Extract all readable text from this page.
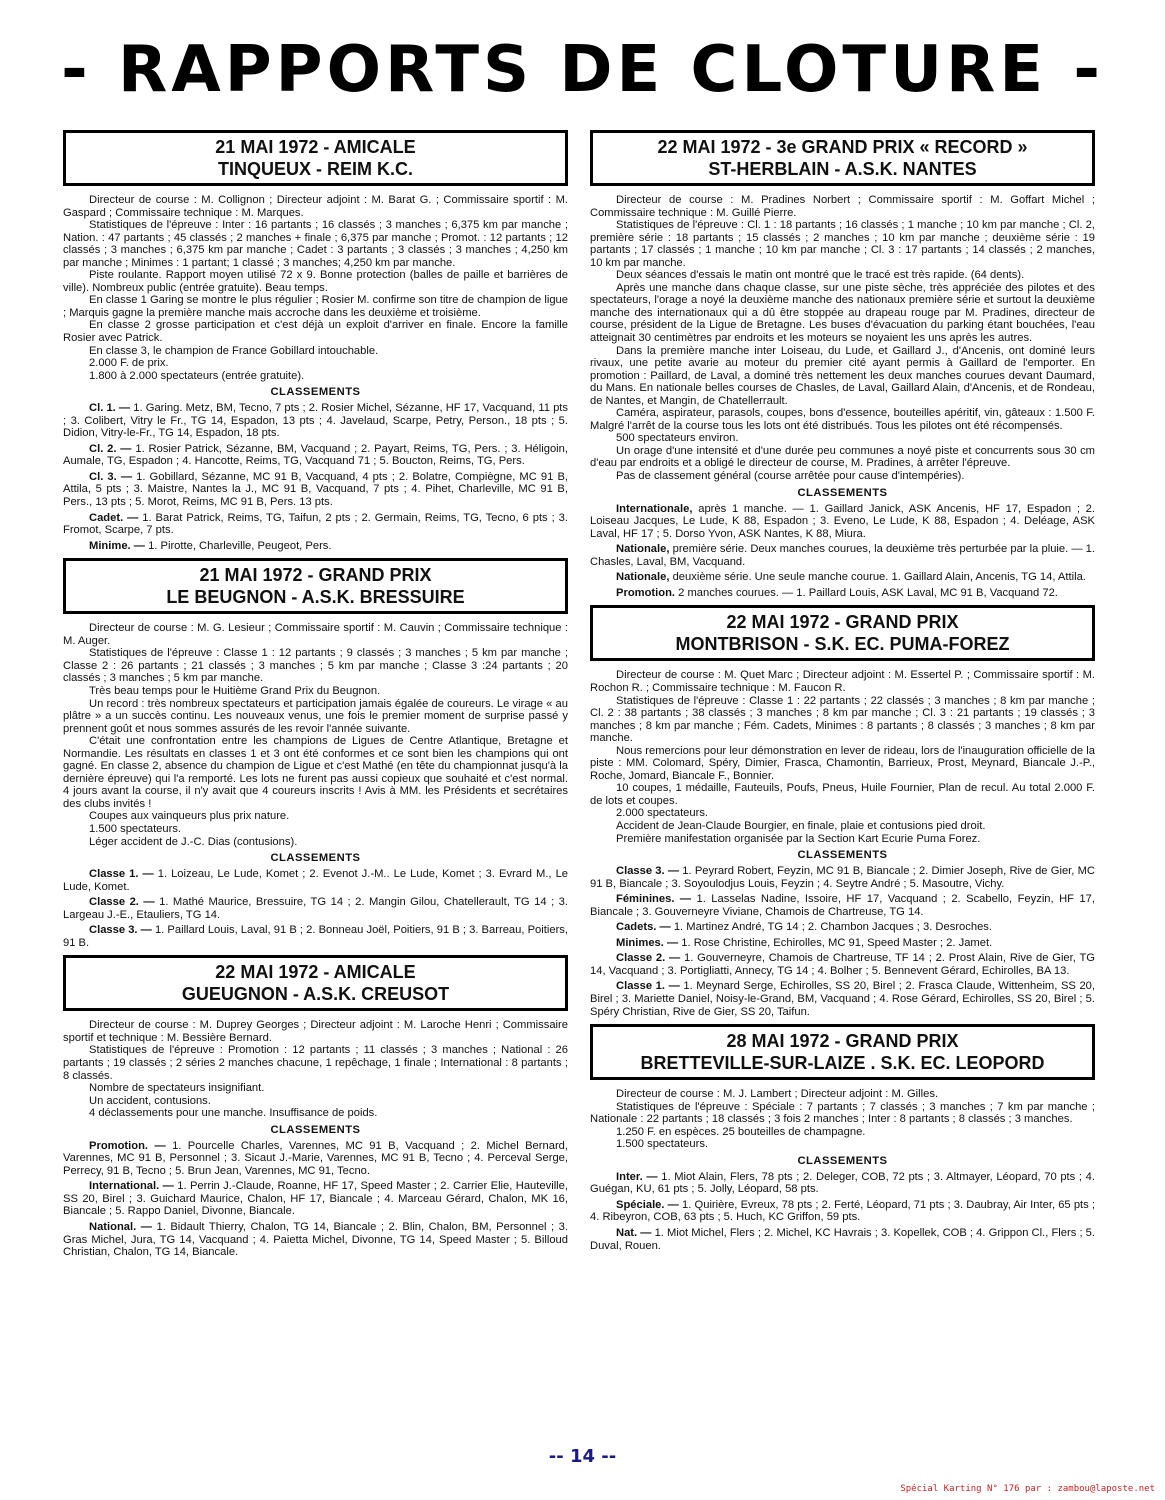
- RAPPORTS DE CLOTURE -
21 MAI 1972 - AMICALE
TINQUEUX - REIM K.C.

Directeur de course : M. Collignon ; Directeur adjoint : M. Barat G. ; Commissaire sportif : M. Gaspard ; Commissaire technique : M. Marques.

Statistiques de l'épreuve : Inter : 16 partants ; 16 classés ; 3 manches ; 6,375 km par manche ; Nation. : 47 partants ; 45 classés ; 2 manches + finale ; 6,375 par manche ; Promot. : 12 partants ; 12 classés ; 3 manches ; 6,375 km par manche ; Cadet : 3 partants ; 3 classés ; 3 manches ; 4,250 km par manche ; Minimes : 1 partant; 1 classé ; 3 manches; 4,250 km par manche.

Piste roulante. Rapport moyen utilisé 72 x 9. Bonne protection (balles de paille et barrières de ville). Nombreux public (entrée gratuite). Beau temps.

En classe 1 Garing se montre le plus régulier ; Rosier M. confirme son titre de champion de ligue ; Marquis gagne la première manche mais accroche dans les deuxième et troisième.

En classe 2 grosse participation et c'est déjà un exploit d'arriver en finale. Encore la famille Rosier avec Patrick.

En classe 3, le champion de France Gobillard intouchable.

2.000 F. de prix.

1.800 à 2.000 spectateurs (entrée gratuite).

CLASSEMENTS

Cl. 1. — 1. Garing. Metz, BM, Tecno, 7 pts ; 2. Rosier Michel, Sézanne, HF 17, Vacquand, 11 pts ; 3. Colibert, Vitry le Fr., TG 14, Espadon, 13 pts ; 4. Javelaud, Scarpe, Petry, Person., 18 pts ; 5. Didion, Vitry-le-Fr., TG 14, Espadon, 18 pts.

Cl. 2. — 1. Rosier Patrick, Sézanne, BM, Vacquand ; 2. Payart, Reims, TG, Pers. ; 3. Héligoin, Aumale, TG, Espadon ; 4. Hancotte, Reims, TG, Vacquand 71 ; 5. Boucton, Reims, TG, Pers.

Cl. 3. — 1. Gobillard, Sézanne, MC 91 B, Vacquand, 4 pts ; 2. Bolatre, Compiègne, MC 91 B, Attila, 5 pts ; 3. Maistre, Nantes la J., MC 91 B, Vacquand, 7 pts ; 4. Pihet, Charleville, MC 91 B, Pers., 13 pts ; 5. Morot, Reims, MC 91 B, Pers. 13 pts.

Cadet. — 1. Barat Patrick, Reims, TG, Taifun, 2 pts ; 2. Germain, Reims, TG, Tecno, 6 pts ; 3. Fromot, Scarpe, 7 pts.

Minime. — 1. Pirotte, Charleville, Peugeot, Pers.

21 MAI 1972 - GRAND PRIX
LE BEUGNON - A.S.K. BRESSUIRE

Directeur de course : M. G. Lesieur ; Commissaire sportif : M. Cauvin ; Commissaire technique : M. Auger.

Statistiques de l'épreuve : Classe 1 : 12 partants ; 9 classés ; 3 manches ; 5 km par manche ; Classe 2 : 26 partants ; 21 classés ; 3 manches ; 5 km par manche ; Classe 3 :24 partants ; 20 classés ; 3 manches ; 5 km par manche.

Très beau temps pour le Huitième Grand Prix du Beugnon.

Un record : très nombreux spectateurs et participation jamais égalée de coureurs. Le virage « au plâtre » a un succès continu. Les nouveaux venus, une fois le premier moment de surprise passé y prennent goût et nous sommes assurés de les revoir l'année suivante.

C'était une confrontation entre les champions de Ligues de Centre Atlantique, Bretagne et Normandie. Les résultats en classes 1 et 3 ont été conformes et ce sont bien les champions qui ont gagné. En classe 2, absence du champion de Ligue et c'est Mathé (en tête du championnat jusqu'à la dernière épreuve) qui l'a remporté. Les lots ne furent pas aussi copieux que souhaité et c'est normal. 4 jours avant la course, il n'y avait que 4 coureurs inscrits ! Avis à MM. les Présidents et secrétaires des clubs invités !

Coupes aux vainqueurs plus prix nature.

1.500 spectateurs.

Léger accident de J.-C. Dias (contusions).

CLASSEMENTS

Classe 1. — 1. Loizeau, Le Lude, Komet ; 2. Evenot J.-M.. Le Lude, Komet ; 3. Evrard M., Le Lude, Komet.

Classe 2. — 1. Mathé Maurice, Bressuire, TG 14 ; 2. Mangin Gilou, Chatellerault, TG 14 ; 3. Largeau J.-E., Etauliers, TG 14.

Classe 3. — 1. Paillard Louis, Laval, 91 B ; 2. Bonneau Joël, Poitiers, 91 B ; 3. Barreau, Poitiers, 91 B.

22 MAI 1972 - AMICALE
GUEUGNON - A.S.K. CREUSOT

Directeur de course : M. Duprey Georges ; Directeur adjoint : M. Laroche Henri ; Commissaire sportif et technique : M. Bessière Bernard.

Statistiques de l'épreuve : Promotion : 12 partants ; 11 classés ; 3 manches ; National : 26 partants ; 19 classés ; 2 séries 2 manches chacune, 1 repêchage, 1 finale ; International : 8 partants ; 8 classés.

Nombre de spectateurs insignifiant.

Un accident, contusions.

4 déclassements pour une manche. Insuffisance de poids.

CLASSEMENTS

Promotion. — 1. Pourcelle Charles, Varennes, MC 91 B, Vacquand ; 2. Michel Bernard, Varennes, MC 91 B, Personnel ; 3. Sicaut J.-Marie, Varennes, MC 91 B, Tecno ; 4. Perceval Serge, Perrecy, 91 B, Tecno ; 5. Brun Jean, Varennes, MC 91, Tecno.

International. — 1. Perrin J.-Claude, Roanne, HF 17, Speed Master ; 2. Carrier Elie, Hauteville, SS 20, Birel ; 3. Guichard Maurice, Chalon, HF 17, Biancale ; 4. Marceau Gérard, Chalon, MK 16, Biancale ; 5. Rappo Daniel, Divonne, Biancale.

National. — 1. Bidault Thierry, Chalon, TG 14, Biancale ; 2. Blin, Chalon, BM, Personnel ; 3. Gras Michel, Jura, TG 14, Vacquand ; 4. Paietta Michel, Divonne, TG 14, Speed Master ; 5. Billoud Christian, Chalon, TG 14, Biancale.

22 MAI 1972 - 3e GRAND PRIX « RECORD »
ST-HERBLAIN - A.S.K. NANTES

Directeur de course : M. Pradines Norbert ; Commissaire sportif : M. Goffart Michel ; Commissaire technique : M. Guillé Pierre.

Statistiques de l'épreuve : Cl. 1 : 18 partants ; 16 classés ; 1 manche ; 10 km par manche ; Cl. 2, première série : 18 partants ; 15 classés ; 2 manches ; 10 km par manche ; deuxième série : 19 partants ; 17 classés ; 1 manche ; 10 km par manche ; Cl. 3 : 17 partants ; 14 classés ; 2 manches, 10 km par manche.

Deux séances d'essais le matin ont montré que le tracé est très rapide. (64 dents).

Après une manche dans chaque classe, sur une piste sèche, très appréciée des pilotes et des spectateurs, l'orage a noyé la deuxième manche des nationaux première série et surtout la deuxième manche des internationaux qui a dû être stoppée au drapeau rouge par M. Pradines, directeur de course, président de la Ligue de Bretagne. Les buses d'évacuation du parking étant bouchées, l'eau atteignait 30 centimètres par endroits et les moteurs se noyaient les uns après les autres.

Dans la première manche inter Loiseau, du Lude, et Gaillard J., d'Ancenis, ont dominé leurs rivaux, une petite avarie au moteur du premier cité ayant permis à Gaillard de l'emporter. En promotion : Paillard, de Laval, a dominé très nettement les deux manches courues devant Daumard, du Mans. En nationale belles courses de Chasles, de Laval, Gaillard Alain, d'Ancenis, et de Rondeau, de Nantes, et Mangin, de Chatellerrault.

Caméra, aspirateur, parasols, coupes, bons d'essence, bouteilles apéritif, vin, gâteaux : 1.500 F. Malgré l'arrêt de la course tous les lots ont été distribués. Tous les pilotes ont été récompensés.

500 spectateurs environ.

Un orage d'une intensité et d'une durée peu communes a noyé piste et concurrents sous 30 cm d'eau par endroits et a obligé le directeur de course, M. Pradines, à arrêter l'épreuve.

Pas de classement général (course arrêtée pour cause d'intempéries).

CLASSEMENTS

Internationale, après 1 manche. — 1. Gaillard Janick, ASK Ancenis, HF 17, Espadon ; 2. Loiseau Jacques, Le Lude, K 88, Espadon ; 3. Eveno, Le Lude, K 88, Espadon ; 4. Deléage, ASK Laval, HF 17 ; 5. Dorso Yvon, ASK Nantes, K 88, Miura.

Nationale, première série. Deux manches courues, la deuxième très perturbée par la pluie. — 1. Chasles, Laval, BM, Vacquand.

Nationale, deuxième série. Une seule manche courue. 1. Gaillard Alain, Ancenis, TG 14, Attila.

Promotion. 2 manches courues. — 1. Paillard Louis, ASK Laval, MC 91 B, Vacquand 72.

22 MAI 1972 - GRAND PRIX
MONTBRISON - S.K. EC. PUMA-FOREZ

Directeur de course : M. Quet Marc ; Directeur adjoint : M. Essertel P. ; Commissaire sportif : M. Rochon R. ; Commissaire technique : M. Faucon R.

Statistiques de l'épreuve : Classe 1 : 22 partants ; 22 classés ; 3 manches ; 8 km par manche ; Cl. 2 : 38 partants ; 38 classés ; 3 manches ; 8 km par manche ; Cl. 3 : 21 partants ; 19 classés ; 3 manches ; 8 km par manche ; Fém. Cadets, Minimes : 8 partants ; 8 classés ; 3 manches ; 8 km par manche.

Nous remercions pour leur démonstration en lever de rideau, lors de l'inauguration officielle de la piste : MM. Colomard, Spéry, Dimier, Frasca, Chamontin, Barrieux, Prost, Meynard, Biancale J.-P., Roche, Jomard, Biancale F., Bonnier.

10 coupes, 1 médaille, Fauteuils, Poufs, Pneus, Huile Fournier, Plan de recul. Au total 2.000 F. de lots et coupes.

2.000 spectateurs.

Accident de Jean-Claude Bourgier, en finale, plaie et contusions pied droit.

Première manifestation organisée par la Section Kart Ecurie Puma Forez.

CLASSEMENTS

Classe 3. — 1. Peyrard Robert, Feyzin, MC 91 B, Biancale ; 2. Dimier Joseph, Rive de Gier, MC 91 B, Biancale ; 3. Soyoulodjus Louis, Feyzin ; 4. Seytre André ; 5. Masoutre, Vichy.

Féminines. — 1. Lasselas Nadine, Issoire, HF 17, Vacquand ; 2. Scabello, Feyzin, HF 17, Biancale ; 3. Gouverneyre Viviane, Chamois de Chartreuse, TG 14.

Cadets. — 1. Martinez André, TG 14 ; 2. Chambon Jacques ; 3. Desroches.

Minimes. — 1. Rose Christine, Echirolles, MC 91, Speed Master ; 2. Jamet.

Classe 2. — 1. Gouverneyre, Chamois de Chartreuse, TF 14 ; 2. Prost Alain, Rive de Gier, TG 14, Vacquand ; 3. Portigliatti, Annecy, TG 14 ; 4. Bolher ; 5. Bennevent Gérard, Echirolles, BA 13.

Classe 1. — 1. Meynard Serge, Echirolles, SS 20, Birel ; 2. Frasca Claude, Wittenheim, SS 20, Birel ; 3. Mariette Daniel, Noisy-le-Grand, BM, Vacquand ; 4. Rose Gérard, Echirolles, SS 20, Birel ; 5. Spéry Christian, Rive de Gier, SS 20, Taifun.

28 MAI 1972 - GRAND PRIX
BRETTEVILLE-SUR-LAIZE . S.K. EC. LEOPORD

Directeur de course : M. J. Lambert ; Directeur adjoint : M. Gilles.

Statistiques de l'épreuve : Spéciale : 7 partants ; 7 classés ; 3 manches ; 7 km par manche ; Nationale : 22 partants ; 18 classés ; 3 fois 2 manches ; Inter : 8 partants ; 8 classés ; 3 manches.

1.250 F. en espèces. 25 bouteilles de champagne.

1.500 spectateurs.

CLASSEMENTS

Inter. — 1. Miot Alain, Flers, 78 pts ; 2. Deleger, COB, 72 pts ; 3. Altmayer, Léopard, 70 pts ; 4. Guégan, KU, 61 pts ; 5. Jolly, Léopard, 58 pts.

Spéciale. — 1. Quirière, Evreux, 78 pts ; 2. Ferté, Léopard, 71 pts ; 3. Daubray, Air Inter, 65 pts ; 4. Ribeyron, COB, 63 pts ; 5. Huch, KC Griffon, 59 pts.

Nat. — 1. Miot Michel, Flers ; 2. Michel, KC Havrais ; 3. Kopellek, COB ; 4. Grippon Cl., Flers ; 5. Duval, Rouen.

-- 14 --
Spécial Karting N° 176 par : zambou@laposte.net
